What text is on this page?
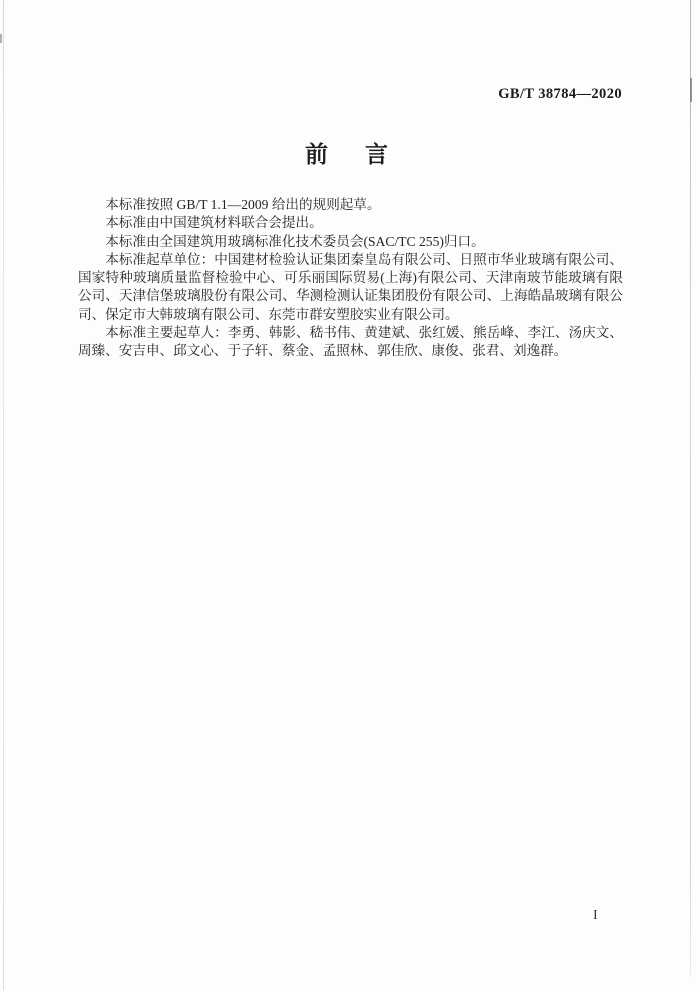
GB/T 38784—2020
前　言

本标准按照 GB/T 1.1—2009 给出的规则起草。

本标准由中国建筑材料联合会提出。

本标准由全国建筑用玻璃标准化技术委员会(SAC/TC 255)归口。

本标准起草单位：中国建材检验认证集团秦皇岛有限公司、日照市华业玻璃有限公司、国家特种玻璃质量监督检验中心、可乐丽国际贸易(上海)有限公司、天津南玻节能玻璃有限公司、天津信堡玻璃股份有限公司、华测检测认证集团股份有限公司、上海皓晶玻璃有限公司、保定市大韩玻璃有限公司、东莞市群安塑胶实业有限公司。

本标准主要起草人：李勇、韩影、嵇书伟、黄建斌、张红媛、熊岳峰、李江、汤庆文、周臻、安吉申、邱文心、于子轩、蔡金、孟照林、郭佳欣、康俊、张君、刘逸群。

I
